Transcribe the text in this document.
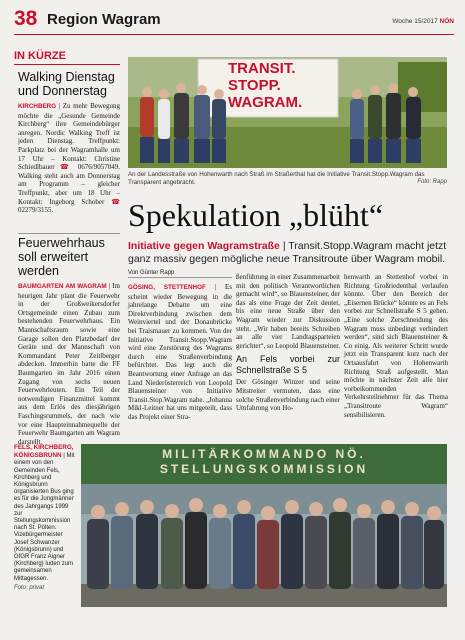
38 Region Wagram	Woche 15/2017 NÖN
IN KÜRZE
Walking Dienstag und Donnerstag
KIRCHBERG | Zu mehr Bewegung möchte die „Gesunde Gemeinde Kirchberg“ ihre Gemeindebürger anregen. Nordic Walking Treff ist jeden Dienstag. Treffpunkt: Parkplatz bei der Wagramhalle um 17 Uhr – Kontakt: Christine Schiedlbauer ☎ 0676/9057049. Walking steht auch am Donnerstag am Programm – gleicher Treffpunkt, aber um 18 Uhr – Kontakt: Ingeborg Schober ☎ 02279/3155.
Feuerwehrhaus soll erweitert werden
BAUMGARTEN AM WAGRAM | Im heurigen Jahr plant die Feuerwehr in der Großweikersdorfer Ortsgemeinde einen Zubau zum bestehenden Feuerwehrhaus. Ein Mannschaftsraum sowie eine Garage sollen den Platzbedarf der Geräte und der Mannschaft von Kommandant Peter Zeitlberger abdecken. Immerhin hatte die FF Baumgarten im Jahr 2016 einen Zugang von sechs neuen Feuerwehrleuten. Ein Teil der notwendigen Finanzmittel kommt aus dem Erlös des diesjährigen Faschingsrummels, der nach wie vor eine Haupteinnahmequelle der Feuerwehr Baumgarten am Wagram darstellt.
TRANSIT.
STOPP.
WAGRAM.
An der Landesstraße von Hohenwarth nach Straß im Straßerthal hat die Initiative Transit.Stopp.Wagram das Transparent angebracht.	Foto: Rapp
Spekulation „blüht“
Initiative gegen Wagramstraße | Transit.Stopp.Wagram macht jetzt ganz massiv gegen mögliche neue Transitroute über Wagram mobil.
Von Günter Rapp
GÖSING, STETTENHOF | Es scheint wieder Bewegung in die jahrelange Debatte um eine Direktverbindung zwischen dem Weinviertel und der Donaubrücke bei Traismauer zu kommen. Von der Initiative Transit.Stopp.Wagram wird eine Zerstörung des Wagrams durch eine Straßenverbindung befürchtet. Das legt auch die Beantwortung einer Anfrage an das Land Niederösterreich von Leopold Blauensteiner von Initiative Transit.Stop.Wagram nahe. „Johanna Mikl-Leitner hat uns mitgeteilt, dass das Projekt einer Stra-
ßenführung in einer Zusammenarbeit mit den politisch Verantwortlichen gemacht wird“, so Blauensteiner, der das als eine Frage der Zeit deutet, bis eine neue Straße über den Wagram wieder zur Diskussion steht. „Wir haben bereits Schreiben an alle vier Landtagsparteien gerichtet“, so Leopold Blauensteiner.
An Fels vorbei zur Schnellstraße S 5
Der Gösinger Winzer und seine Mitstreiter vermuten, dass eine solche Straßenverbindung nach einer Umfahrung von Ho-
henwarth an Stettenhof vorbei in Richtung Großriedenthal verlaufen könnte. Über den Bereich der „Eisernen Brücke“ könnte es an Fels vorbei zur Schnellstraße S 5 gehen. „Eine solche Zerschneidung des Wagram muss unbedingt verhindert werden“, sind sich Blauensteiner & Co einig. Als weiterer Schritt wurde jetzt ein Transparent kurz nach der Ortsausfahrt von Hohenwarth Richtung Straß aufgestellt. Man möchte in nächster Zeit alle hier vorbeikommenden Verkehrsteilnehmer für das Thema „Transitroute Wagram“ sensibilisieren.
FELS, KIRCHBERG, KÖNIGSBRUNN | Mit einem von den Gemeinden Fels, Kirchberg und Königsbrunn organisierten Bus ging es für die Jungmänner des Jahrgangs 1999 zur Stellungskommission nach St. Pölten. Vizebürgermeister Josef Schwanzer (Königsbrunn) und GfGR Franz Aigner (Kirchberg) luden zum gemeinsamen Mittagessen.
Foto: privat
MILITÄRKOMMANDO NÖ.
STELLUNGSKOMMISSION
